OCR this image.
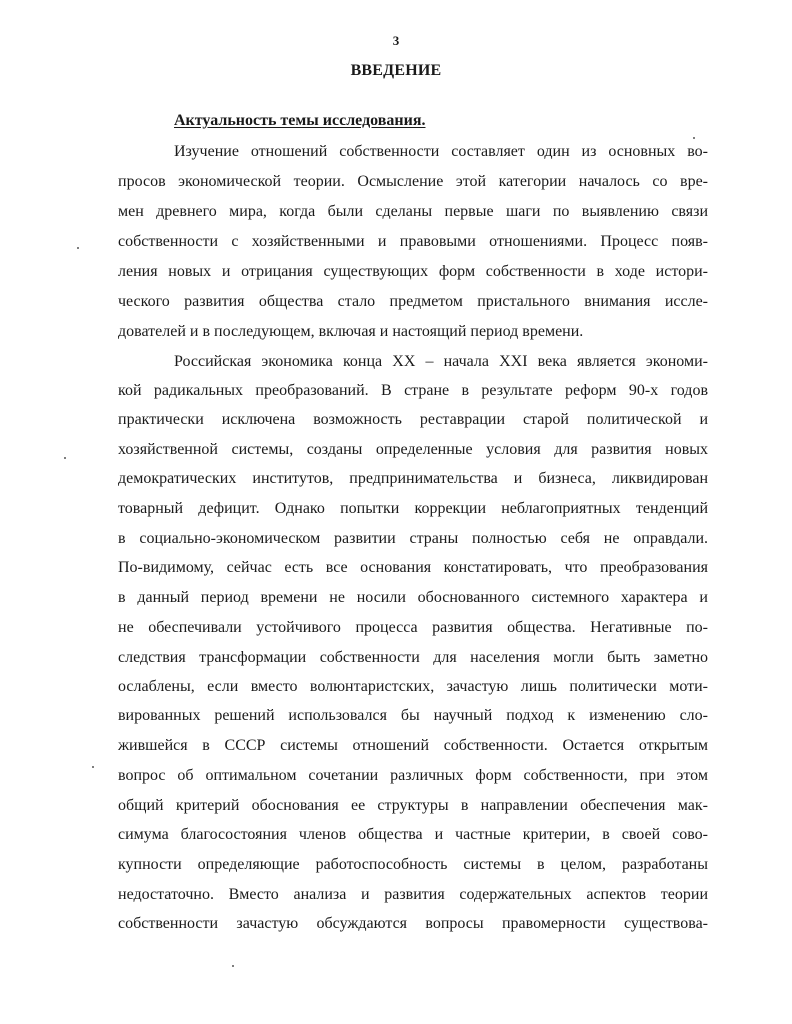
3
ВВЕДЕНИЕ
Актуальность темы исследования.
Изучение отношений собственности составляет один из основных во-
просов экономической теории. Осмысление этой категории началось со вре-
мен древнего мира, когда были сделаны первые шаги по выявлению связи
собственности с хозяйственными и правовыми отношениями. Процесс появ-
ления новых и отрицания существующих форм собственности в ходе истори-
ческого развития общества стало предметом пристального внимания иссле-
дователей и в последующем, включая и настоящий период времени.
Российская экономика конца XX – начала XXI века является экономи-
кой радикальных преобразований. В стране в результате реформ 90-х годов
практически исключена возможность реставрации старой политической и
хозяйственной системы, созданы определенные условия для развития новых
демократических институтов, предпринимательства и бизнеса, ликвидирован
товарный дефицит. Однако попытки коррекции неблагоприятных тенденций
в социально-экономическом развитии страны полностью себя не оправдали.
По-видимому, сейчас есть все основания констатировать, что преобразования
в данный период времени не носили обоснованного системного характера и
не обеспечивали устойчивого процесса развития общества. Негативные по-
следствия трансформации собственности для населения могли быть заметно
ослаблены, если вместо волюнтаристских, зачастую лишь политически моти-
вированных решений использовался бы научный подход к изменению сло-
жившейся в СССР системы отношений собственности. Остается открытым
вопрос об оптимальном сочетании различных форм собственности, при этом
общий критерий обоснования ее структуры в направлении обеспечения мак-
симума благосостояния членов общества и частные критерии, в своей сово-
купности определяющие работоспособность системы в целом, разработаны
недостаточно. Вместо анализа и развития содержательных аспектов теории
собственности зачастую обсуждаются вопросы правомерности существова-
